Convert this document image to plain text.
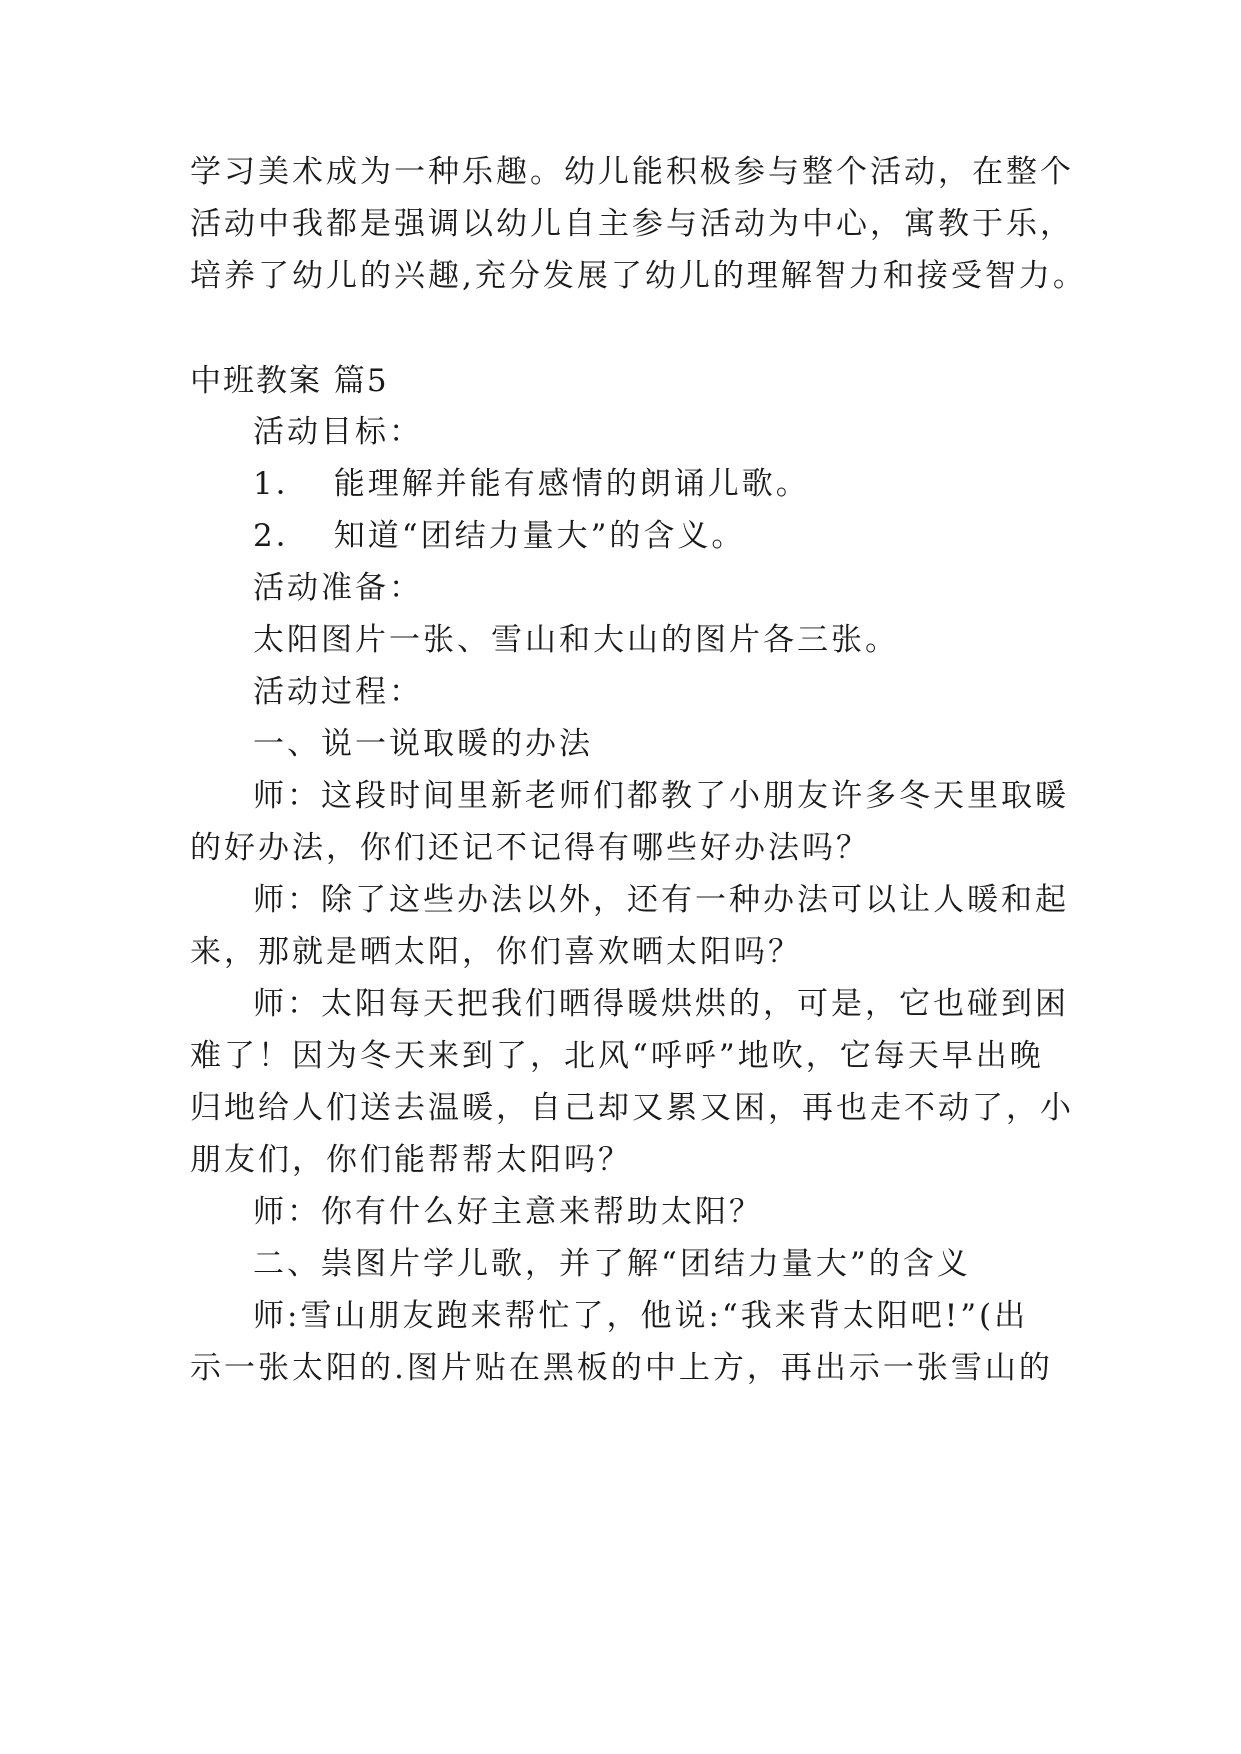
学习美术成为一种乐趣。幼儿能积极参与整个活动，在整个
活动中我都是强调以幼儿自主参与活动为中心，寓教于乐，
培养了幼儿的兴趣,充分发展了幼儿的理解智力和接受智力。
中班教案 篇5
活动目标：
1． 能理解并能有感情的朗诵儿歌。
2． 知道“团结力量大”的含义。
活动准备：
太阳图片一张、雪山和大山的图片各三张。
活动过程：
一、说一说取暖的办法
师：这段时间里新老师们都教了小朋友许多冬天里取暖
的好办法，你们还记不记得有哪些好办法吗？
师：除了这些办法以外，还有一种办法可以让人暖和起
来，那就是晒太阳，你们喜欢晒太阳吗？
师：太阳每天把我们晒得暖烘烘的，可是，它也碰到困
难了！因为冬天来到了，北风“呼呼”地吹，它每天早出晚
归地给人们送去温暖，自己却又累又困，再也走不动了，小
朋友们，你们能帮帮太阳吗？
师：你有什么好主意来帮助太阳？
二、祟图片学儿歌，并了解“团结力量大”的含义
师:雪山朋友跑来帮忙了，他说:“我来背太阳吧!”(出
示一张太阳的.图片贴在黑板的中上方，再出示一张雪山的
